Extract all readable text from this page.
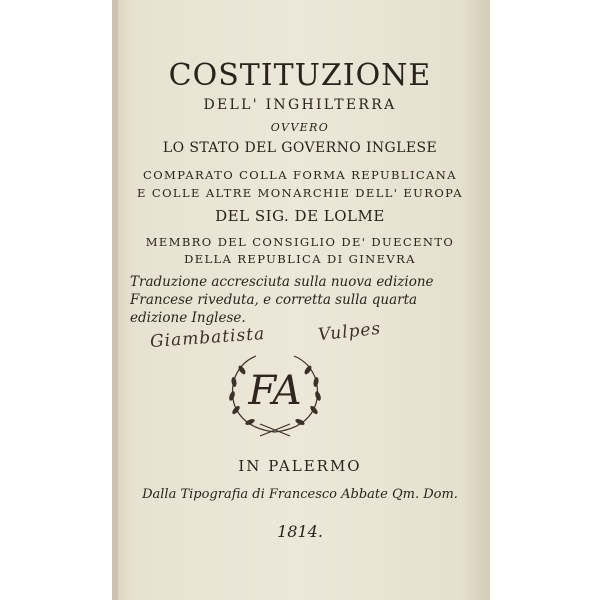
COSTITUZIONE
DELL' INGHILTERRA
OVVERO
LO STATO DEL GOVERNO INGLESE
COMPARATO COLLA FORMA REPUBLICANA
E COLLE ALTRE MONARCHIE DELL' EUROPA
DEL SIG. DE LOLME
MEMBRO DEL CONSIGLIO DE' DUECENTO
DELLA REPUBLICA DI GINEVRA
Traduzione accresciuta sulla nuova edizione
Francese riveduta, e corretta sulla quarta
edizione Inglese.
Giambatista	Vulpes
FA
IN PALERMO
Dalla Tipografia di Francesco Abbate Qm. Dom.
1814.
